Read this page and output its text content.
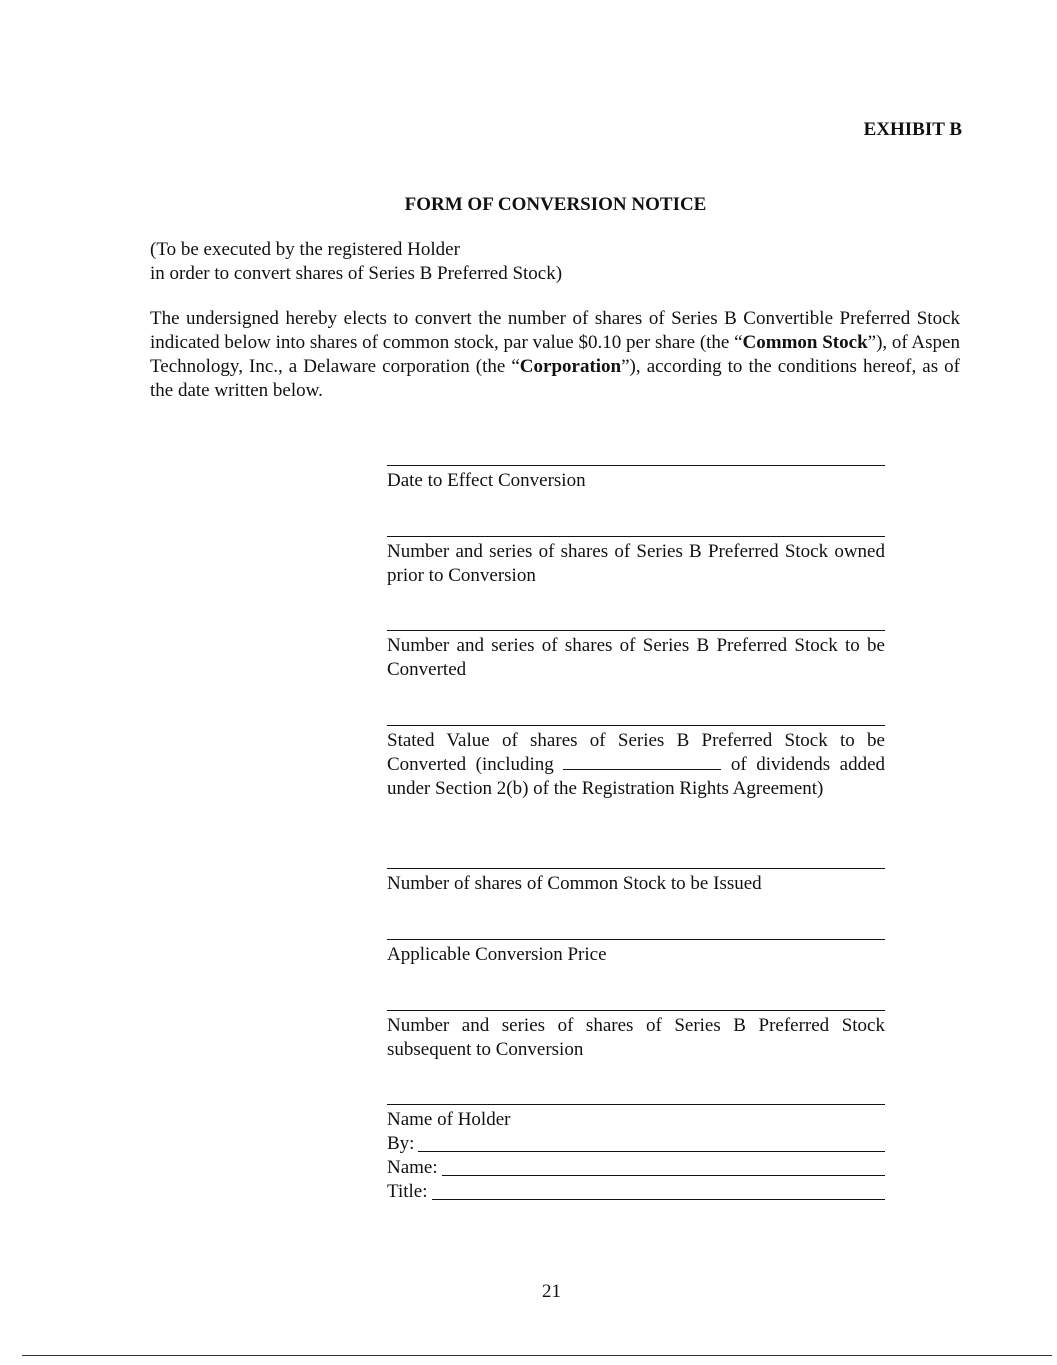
EXHIBIT B
FORM OF CONVERSION NOTICE
(To be executed by the registered Holder
in order to convert shares of Series B Preferred Stock)
The undersigned hereby elects to convert the number of shares of Series B Convertible Preferred Stock indicated below into shares of common stock, par value $0.10 per share (the “Common Stock”), of Aspen Technology, Inc., a Delaware corporation (the “Corporation”), according to the conditions hereof, as of the date written below.
Date to Effect Conversion
Number and series of shares of Series B Preferred Stock owned prior to Conversion
Number and series of shares of Series B Preferred Stock to be Converted
Stated Value of shares of Series B Preferred Stock to be Converted (including	of dividends added under Section 2(b) of the Registration Rights Agreement)
Number of shares of Common Stock to be Issued
Applicable Conversion Price
Number and series of shares of Series B Preferred Stock subsequent to Conversion
Name of Holder
By:
Name:
Title:
21
